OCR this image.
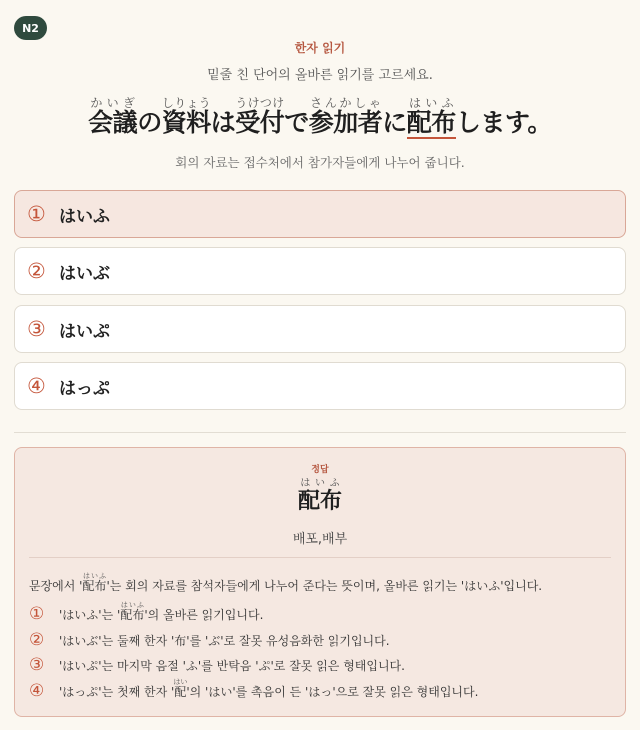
N2
한자 읽기
밑줄 친 단어의 올바른 읽기를 고르세요.
会議かいぎの資料しりょうは受付うけつけで参加者さんかしゃに配布はいふします。
회의 자료는 접수처에서 참가자들에게 나누어 줍니다.
① はいふ
② はいぶ
③ はいぷ
④ はっぷ
정답
配布はいふ
배포,배부
문장에서 '配布はいふ'는 회의 자료를 참석자들에게 나누어 준다는 뜻이며, 올바른 읽기는 'はいふ'입니다.
①	'はいふ'는 '配布はいふ'의 올바른 읽기입니다.
②	'はいぶ'는 둘째 한자 '布'를 'ぶ'로 잘못 유성음화한 읽기입니다.
③	'はいぷ'는 마지막 음절 'ふ'를 반탁음 'ぷ'로 잘못 읽은 형태입니다.
④	'はっぷ'는 첫째 한자 '配はい'의 'はい'를 촉음이 든 'はっ'으로 잘못 읽은 형태입니다.
